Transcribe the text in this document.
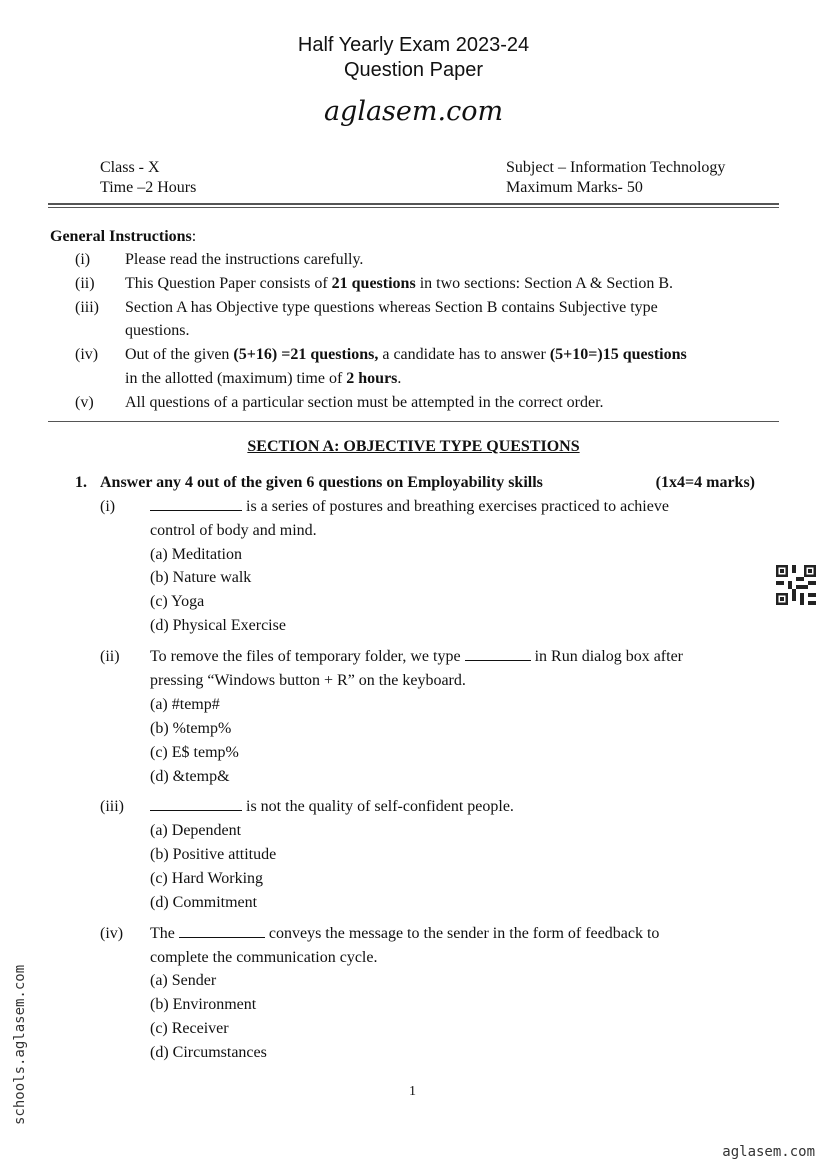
Half Yearly Exam 2023-24
Question Paper
aglasem.com
Class - X
Time –2 Hours
Subject – Information Technology
Maximum Marks- 50
General Instructions:
(i) Please read the instructions carefully.
(ii) This Question Paper consists of 21 questions in two sections: Section A & Section B.
(iii) Section A has Objective type questions whereas Section B contains Subjective type
questions.
(iv) Out of the given (5+16) =21 questions, a candidate has to answer (5+10=)15 questions
in the allotted (maximum) time of 2 hours.
(v) All questions of a particular section must be attempted in the correct order.
SECTION A: OBJECTIVE TYPE QUESTIONS
1. Answer any 4 out of the given 6 questions on Employability skills	(1x4=4 marks)
(i)	is a series of postures and breathing exercises practiced to achieve
control of body and mind.
(a) Meditation
(b) Nature walk
(c) Yoga
(d) Physical Exercise
(ii) To remove the files of temporary folder, we type	in Run dialog box after
pressing “Windows button + R” on the keyboard.
(a) #temp#
(b) %temp%
(c) E$ temp%
(d) &temp&
(iii)	is not the quality of self-confident people.
(a) Dependent
(b) Positive attitude
(c) Hard Working
(d) Commitment
(iv) The	conveys the message to the sender in the form of feedback to
complete the communication cycle.
(a) Sender
(b) Environment
(c) Receiver
(d) Circumstances
1
schools.aglasem.com
aglasem.com
